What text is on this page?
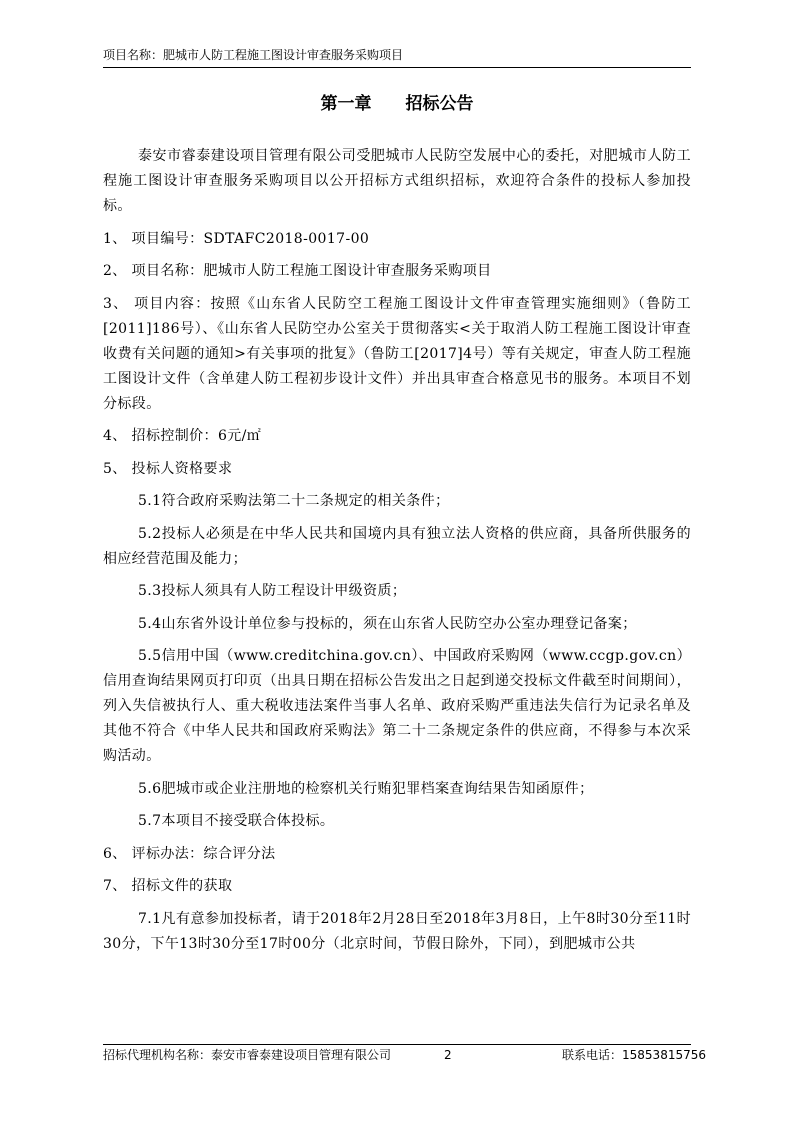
项目名称：肥城市人防工程施工图设计审查服务采购项目
第一章　　招标公告

泰安市睿泰建设项目管理有限公司受肥城市人民防空发展中心的委托，对肥城市人防工程施工图设计审查服务采购项目以公开招标方式组织招标，欢迎符合条件的投标人参加投标。

1、 项目编号：SDTAFC2018-0017-00

2、 项目名称：肥城市人防工程施工图设计审查服务采购项目

3、 项目内容：按照《山东省人民防空工程施工图设计文件审查管理实施细则》（鲁防工[2011]186号）、《山东省人民防空办公室关于贯彻落实<关于取消人防工程施工图设计审查收费有关问题的通知>有关事项的批复》（鲁防工[2017]4号）等有关规定，审查人防工程施工图设计文件（含单建人防工程初步设计文件）并出具审查合格意见书的服务。本项目不划分标段。

4、 招标控制价：6元/㎡

5、 投标人资格要求

5.1符合政府采购法第二十二条规定的相关条件；

5.2投标人必须是在中华人民共和国境内具有独立法人资格的供应商，具备所供服务的相应经营范围及能力；

5.3投标人须具有人防工程设计甲级资质；

5.4山东省外设计单位参与投标的，须在山东省人民防空办公室办理登记备案；

5.5信用中国（www.creditchina.gov.cn）、中国政府采购网（www.ccgp.gov.cn）信用查询结果网页打印页（出具日期在招标公告发出之日起到递交投标文件截至时间期间），列入失信被执行人、重大税收违法案件当事人名单、政府采购严重违法失信行为记录名单及其他不符合《中华人民共和国政府采购法》第二十二条规定条件的供应商，不得参与本次采购活动。

5.6肥城市或企业注册地的检察机关行贿犯罪档案查询结果告知函原件；

5.7本项目不接受联合体投标。

6、 评标办法：综合评分法

7、 招标文件的获取

7.1凡有意参加投标者，请于2018年2月28日至2018年3月8日，上午8时30分至11时30分，下午13时30分至17时00分（北京时间，节假日除外，下同），到肥城市公共

招标代理机构名称：泰安市睿泰建设项目管理有限公司	2	联系电话：15853815756
